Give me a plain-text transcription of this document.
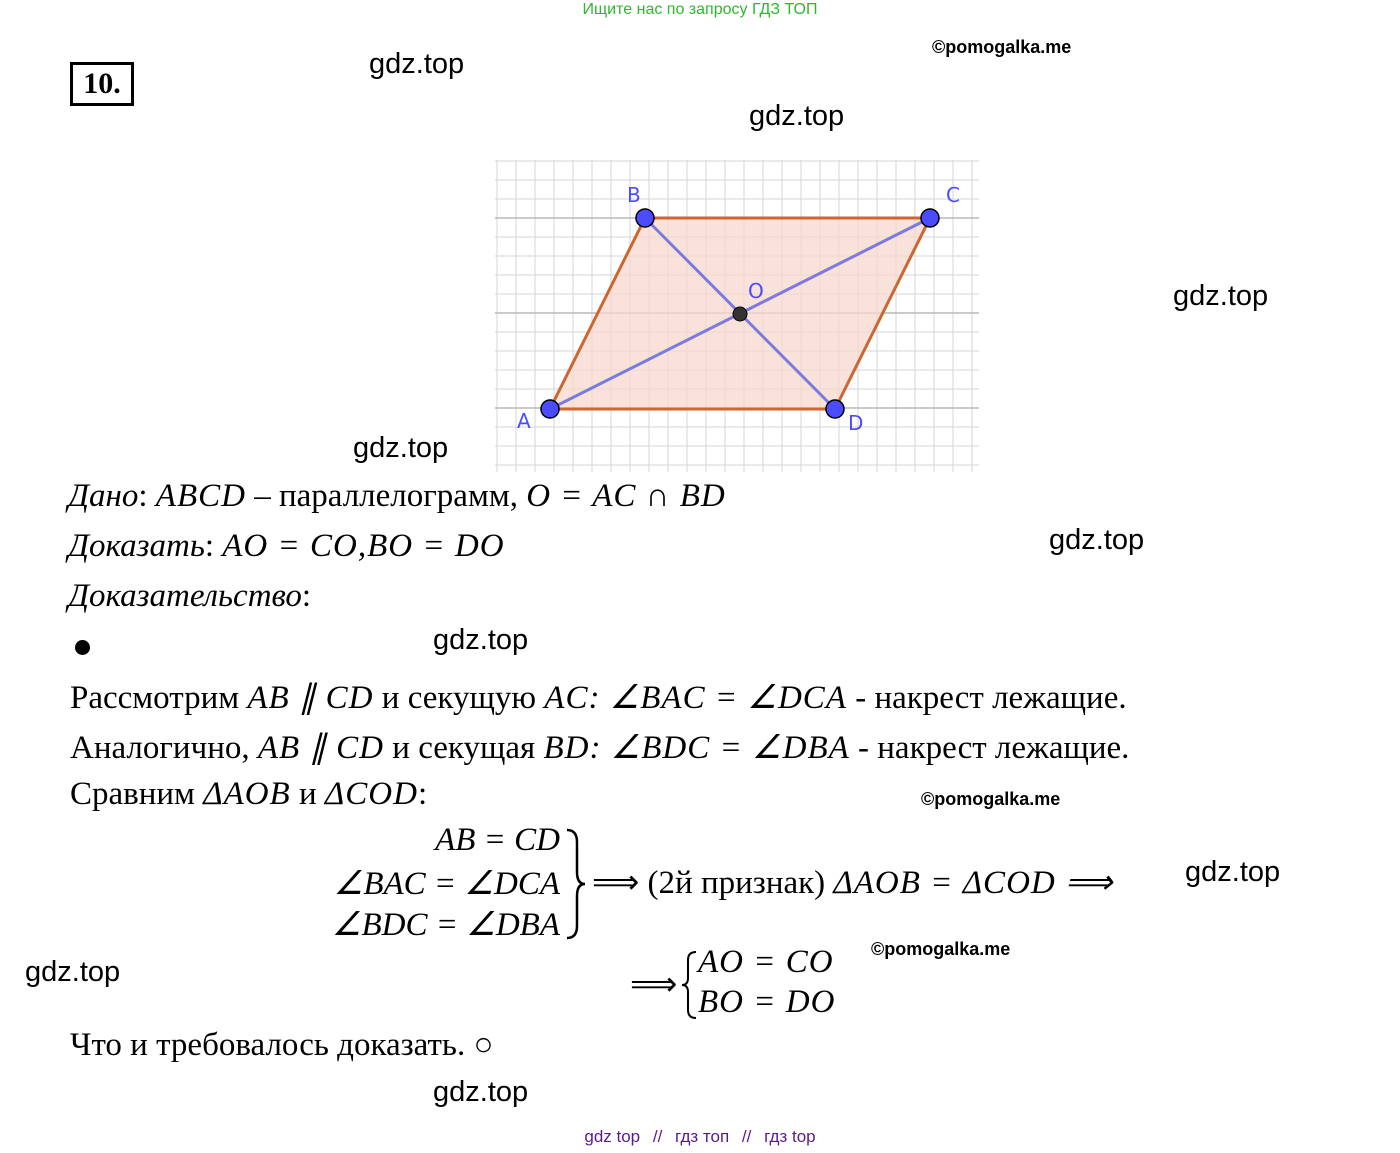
Ищите нас по запросу ГДЗ ТОП
10.
gdz.top
©pomogalka.me
gdz.top
gdz.top
gdz.top
gdz.top
gdz.top
©pomogalka.me
gdz.top
©pomogalka.me
gdz.top
gdz.top
A
B	C
D
O
Дано: ABCD – параллелограмм, O = AC ∩ BD
Доказать: AO = CO,BO = DO
Доказательство:
Рассмотрим AB ∥ CD и секущую AC: ∠BAC = ∠DCA - накрест лежащие.
Аналогично, AB ∥ CD и секущая BD: ∠BDC = ∠DBA - накрест лежащие.
Сравним ΔAOB и ΔCOD:
AB = CD
∠BAC = ∠DCA
∠BDC = ∠DBA
⟹ (2й признак) ΔAOB = ΔCOD ⟹
⟹
AO = CO
BO = DO
Что и требовалось доказать. ○
gdz top // гдз топ // гдз top
